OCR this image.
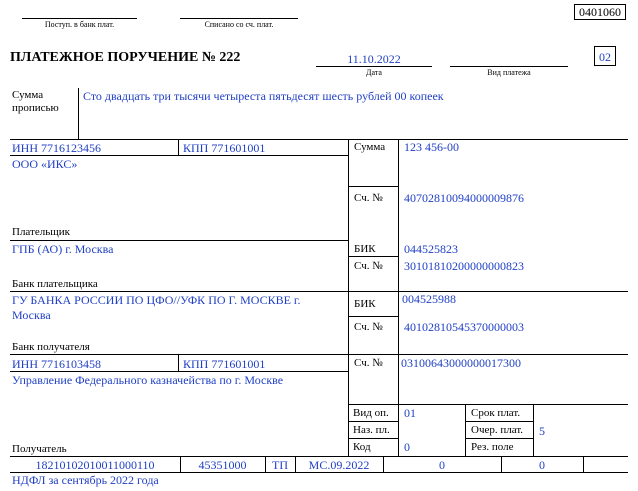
0401060
Поступ. в банк плат.	Списано со сч. плат.
ПЛАТЕЖНОЕ ПОРУЧЕНИЕ № 222	11.10.2022
Дата	Вид платежа
02
Сумма
прописью
Сто двадцать три тысячи четыреста пятьдесят шесть рублей 00 копеек
ИНН 7716123456	КПП 771601001
ООО «ИКС»
Плательщик
Сумма 123 456-00
Сч. № 40702810094000009876
ГПБ (АО) г. Москва
Банк плательщика
БИК 044525823
Сч. № 30101810200000000823
ГУ БАНКА РОССИИ ПО ЦФО//УФК ПО Г. МОСКВЕ г.
Москва
Банк получателя
БИК 004525988
Сч. № 40102810545370000003
ИНН 7716103458	КПП 771601001
Управление Федерального казначейства по г. Москве
Получатель
Сч. № 03100643000000017300
Вид оп. 01
Наз. пл.
Код	0
Срок плат.
Очер. плат. 5
Рез. поле
18210102010011000110	45351000	ТП	МС.09.2022	0	0
НДФЛ за сентябрь 2022 года
